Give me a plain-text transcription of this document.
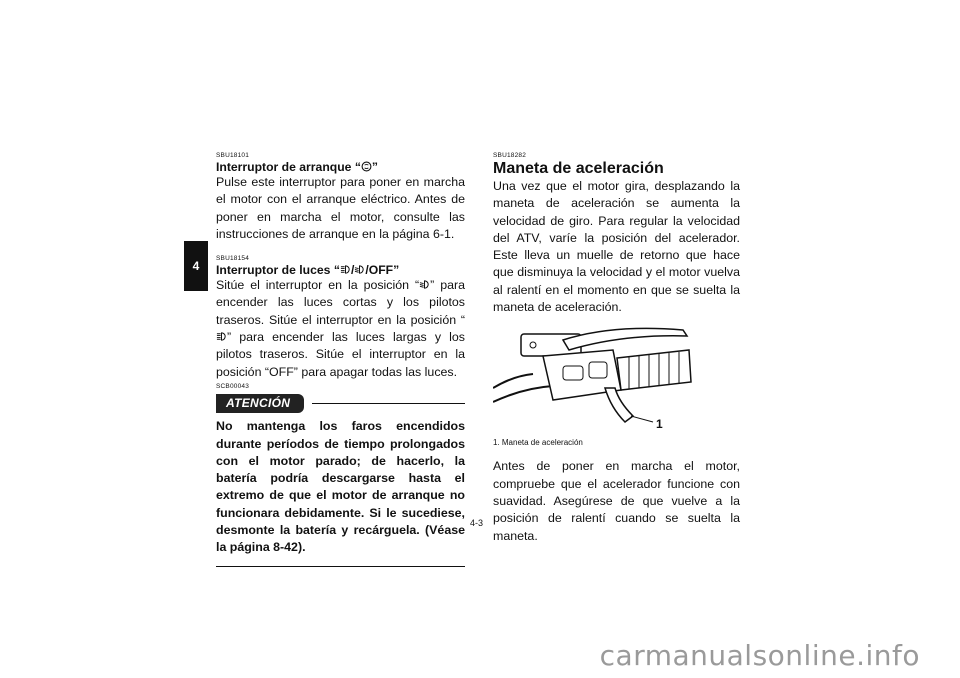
4
SBU18101
Interruptor de arranque “ ”
Pulse este interruptor para poner en marcha el motor con el arranque eléctrico. Antes de poner en marcha el motor, consulte las instrucciones de arranque en la página 6-1.
SBU18154
Interruptor de luces “ / /OFF”
Sitúe el interruptor en la posición “ ” para encender las luces cortas y los pilotos traseros. Sitúe el interruptor en la posición “” para encender las luces largas y los pilotos traseros. Sitúe el interruptor en la posición “OFF” para apagar todas las luces.
SCB00043
ATENCIÓN
No mantenga los faros encendidos durante períodos de tiempo prolongados con el motor parado; de hacerlo, la batería podría descargarse hasta el extremo de que el motor de arranque no funcionara debidamente. Si le sucediese, desmonte la batería y recárguela. (Véase la página 8-42).
SBU18282
Maneta de aceleración
Una vez que el motor gira, desplazando la maneta de aceleración se aumenta la velocidad de giro. Para regular la velocidad del ATV, varíe la posición del acelerador. Este lleva un muelle de retorno que hace que disminuya la velocidad y el motor vuelva al ralentí en el momento en que se suelta la maneta de aceleración.
1
1. Maneta de aceleración
Antes de poner en marcha el motor, compruebe que el acelerador funcione con suavidad. Asegúrese de que vuelve a la posición de ralentí cuando se suelta la maneta.
4-3
carmanualsonline.info
